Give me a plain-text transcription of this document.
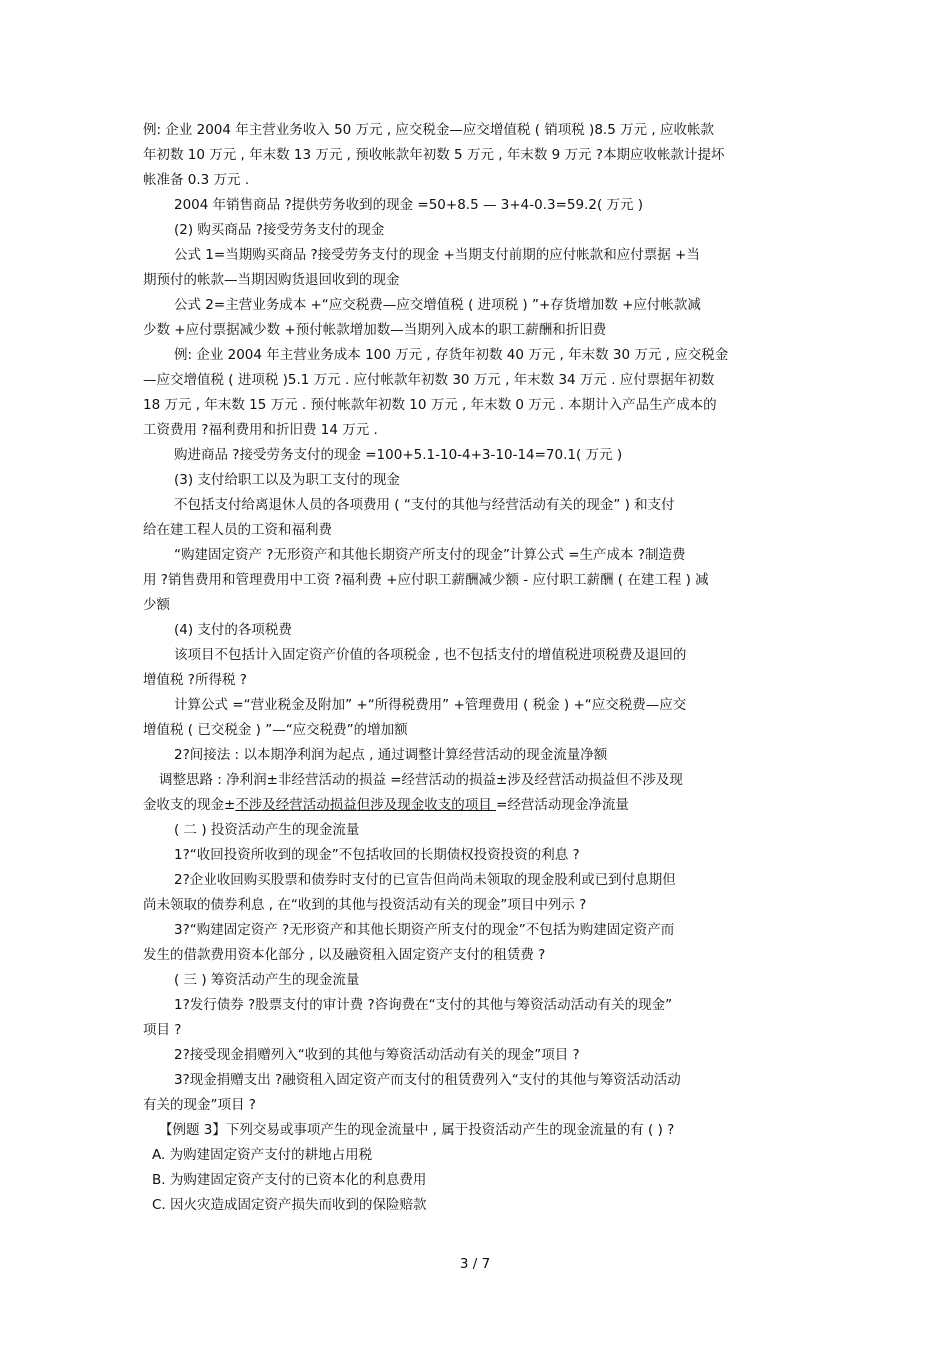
例: 企业 2004 年主营业务收入 50 万元 , 应交税金—应交增值税 ( 销项税 )8.5 万元 , 应收帐款
年初数 10 万元 , 年末数 13 万元 , 预收帐款年初数 5 万元 , 年末数 9 万元 ?本期应收帐款计提坏
帐准备 0.3 万元 .
2004 年销售商品 ?提供劳务收到的现金 =50+8.5 — 3+4-0.3=59.2( 万元 )
(2) 购买商品 ?接受劳务支付的现金
公式 1=当期购买商品 ?接受劳务支付的现金 +当期支付前期的应付帐款和应付票据 +当
期预付的帐款—当期因购货退回收到的现金
公式 2=主营业务成本 +“应交税费—应交增值税 ( 进项税 ) ”+存货增加数 +应付帐款减
少数 +应付票据减少数 +预付帐款增加数—当期列入成本的职工薪酬和折旧费
例: 企业 2004 年主营业务成本 100 万元 , 存货年初数 40 万元 , 年末数 30 万元 , 应交税金
—应交增值税 ( 进项税 )5.1 万元 . 应付帐款年初数 30 万元 , 年末数 34 万元 . 应付票据年初数
18 万元 , 年末数 15 万元 . 预付帐款年初数 10 万元 , 年末数 0 万元 . 本期计入产品生产成本的
工资费用 ?福利费用和折旧费 14 万元 .
购进商品 ?接受劳务支付的现金 =100+5.1-10-4+3-10-14=70.1( 万元 )
(3) 支付给职工以及为职工支付的现金
不包括支付给离退休人员的各项费用 ( “支付的其他与经营活动有关的现金” ) 和支付
给在建工程人员的工资和福利费
“购建固定资产 ?无形资产和其他长期资产所支付的现金”计算公式 =生产成本 ?制造费
用 ?销售费用和管理费用中工资 ?福利费 +应付职工薪酬减少额 - 应付职工薪酬 ( 在建工程 ) 减
少额
(4) 支付的各项税费
该项目不包括计入固定资产价值的各项税金 , 也不包括支付的增值税进项税费及退回的
增值税 ?所得税 ?
计算公式 =“营业税金及附加” +“所得税费用” +管理费用 ( 税金 ) +“应交税费—应交
增值税 ( 已交税金 ) ”—“应交税费”的增加额
2?间接法 : 以本期净利润为起点 , 通过调整计算经营活动的现金流量净额
调整思路 : 净利润±非经营活动的损益 =经营活动的损益±涉及经营活动损益但不涉及现
金收支的现金±不涉及经营活动损益但涉及现金收支的项目 =经营活动现金净流量
( 二 ) 投资活动产生的现金流量
1?“收回投资所收到的现金”不包括收回的长期债权投资投资的利息 ?
2?企业收回购买股票和债券时支付的已宣告但尚尚未领取的现金股利或已到付息期但
尚未领取的债券利息 , 在“收到的其他与投资活动有关的现金”项目中列示 ?
3?“购建固定资产 ?无形资产和其他长期资产所支付的现金”不包括为购建固定资产而
发生的借款费用资本化部分 , 以及融资租入固定资产支付的租赁费 ?
( 三 ) 筹资活动产生的现金流量
1?发行债券 ?股票支付的审计费 ?咨询费在“支付的其他与筹资活动活动有关的现金”
项目 ?
2?接受现金捐赠列入“收到的其他与筹资活动活动有关的现金”项目 ?
3?现金捐赠支出 ?融资租入固定资产而支付的租赁费列入“支付的其他与筹资活动活动
有关的现金”项目 ?
【例题 3】下列交易或事项产生的现金流量中 , 属于投资活动产生的现金流量的有 ( ) ?
A. 为购建固定资产支付的耕地占用税
B. 为购建固定资产支付的已资本化的利息费用
C. 因火灾造成固定资产损失而收到的保险赔款
3 / 7
